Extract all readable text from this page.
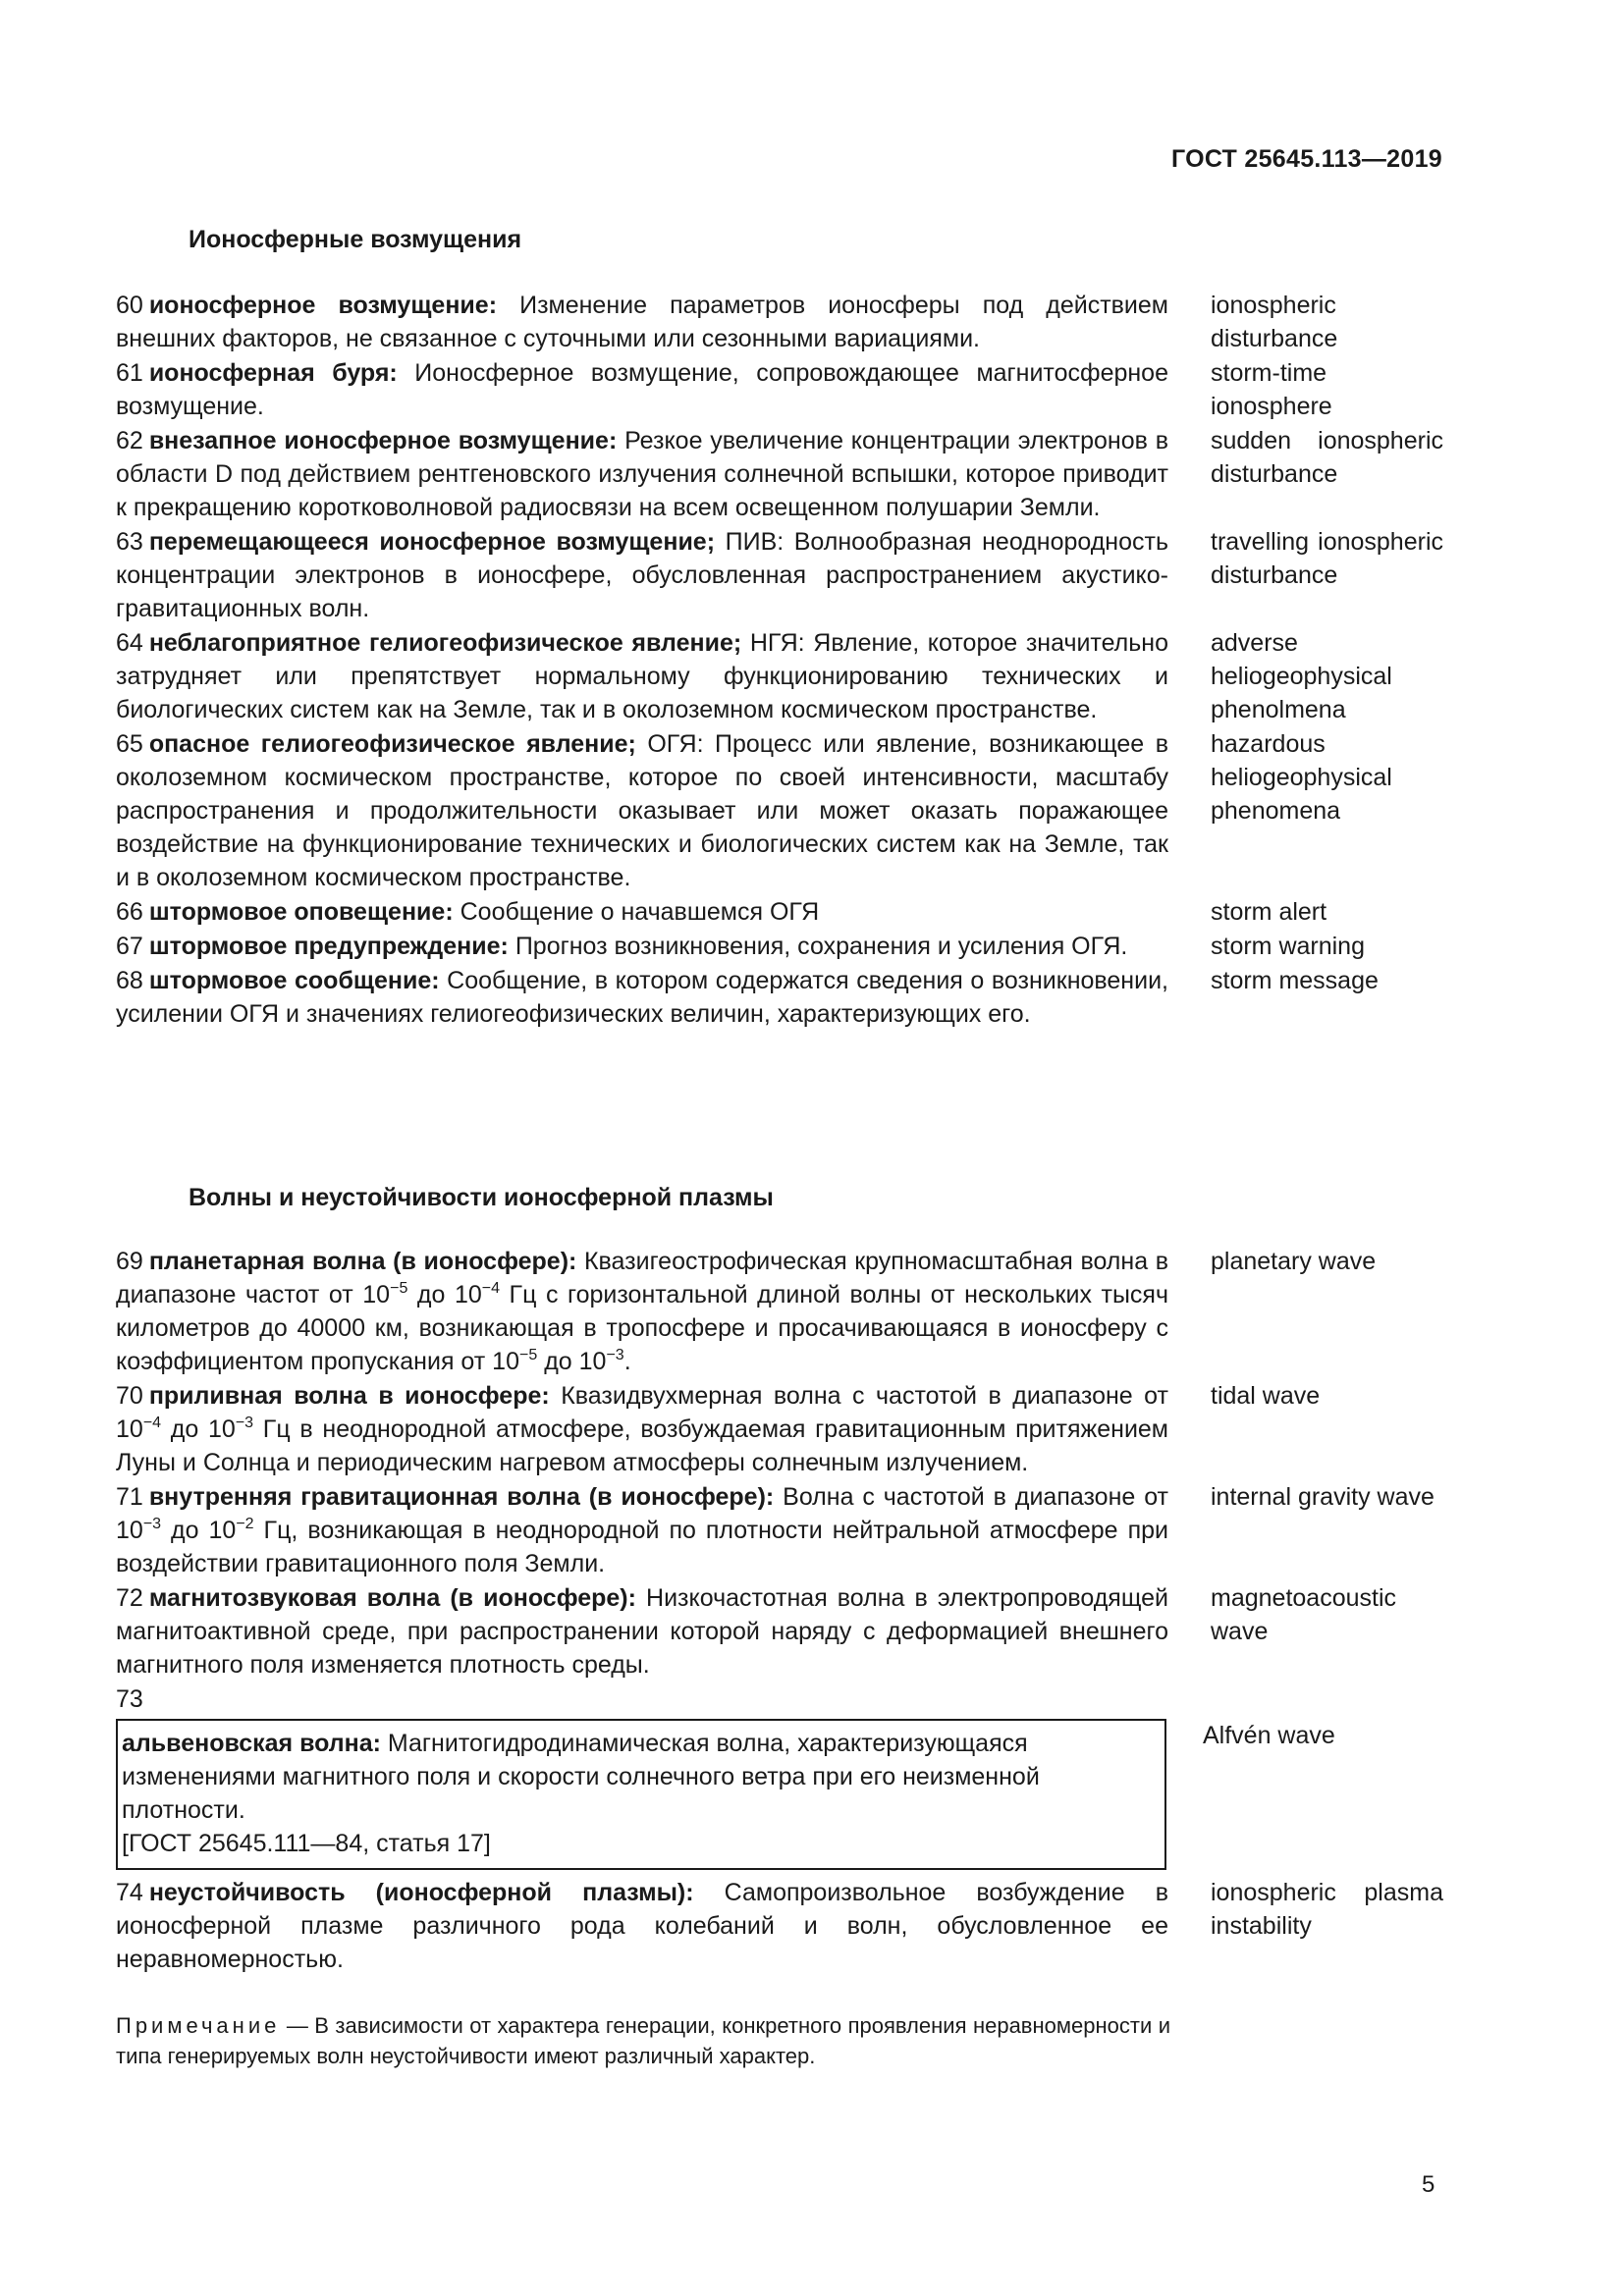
ГОСТ 25645.113—2019
Ионосферные возмущения
60 ионосферное возмущение: Изменение параметров ионосферы под действием внешних факторов, не связанное с суточными или сезонными вариациями.
ionospheric disturbance
61 ионосферная буря: Ионосферное возмущение, сопровождающее магнитосферное возмущение.
storm-time ionosphere
62 внезапное ионосферное возмущение: Резкое увеличение концентрации электронов в области D под действием рентгеновского излучения солнечной вспышки, которое приводит к прекращению коротковолновой радиосвязи на всем освещенном полушарии Земли.
sudden ionospheric disturbance
63 перемещающееся ионосферное возмущение; ПИВ: Волнообразная неоднородность концентрации электронов в ионосфере, обусловленная распространением акустико-гравитационных волн.
travelling ionospheric disturbance
64 неблагоприятное гелиогеофизическое явление; НГЯ: Явление, которое значительно затрудняет или препятствует нормальному функционированию технических и биологических систем как на Земле, так и в околоземном космическом пространстве.
adverse heliogeophysical phenolmena
65 опасное гелиогеофизическое явление; ОГЯ: Процесс или явление, возникающее в околоземном космическом пространстве, которое по своей интенсивности, масштабу распространения и продолжительности оказывает или может оказать поражающее воздействие на функционирование технических и биологических систем как на Земле, так и в околоземном космическом пространстве.
hazardous heliogeophysical phenomena
66 штормовое оповещение: Сообщение о начавшемся ОГЯ	storm alert
67 штормовое предупреждение: Прогноз возникновения, сохранения и усиления ОГЯ.	storm warning
68 штормовое сообщение: Сообщение, в котором содержатся сведения о возникновении, усилении ОГЯ и значениях гелиогеофизических величин, характеризующих его.
storm message
Волны и неустойчивости ионосферной плазмы
69 планетарная волна (в ионосфере): Квазигеострофическая крупномасштабная волна в диапазоне частот от $10^{-5}$ до $10^{-4}$ Гц с горизонтальной длиной волны от нескольких тысяч километров до 40000 км, возникающая в тропосфере и просачивающаяся в ионосферу с коэффициентом пропускания от $10^{-5}$ до $10^{-3}$.
planetary wave
70 приливная волна в ионосфере: Квазидвухмерная волна с частотой в диапазоне от $10^{-4}$ до $10^{-3}$ Гц в неоднородной атмосфере, возбуждаемая гравитационным притяжением Луны и Солнца и периодическим нагревом атмосферы солнечным излучением.
tidal wave
71 внутренняя гравитационная волна (в ионосфере): Волна с частотой в диапазоне от $10^{-3}$ до $10^{-2}$ Гц, возникающая в неоднородной по плотности нейтральной атмосфере при воздействии гравитационного поля Земли.
internal gravity wave
72 магнитозвуковая волна (в ионосфере): Низкочастотная волна в электропроводящей магнитоактивной среде, при распространении которой наряду с деформацией внешнего магнитного поля изменяется плотность среды.
magnetoacoustic wave
73
альвеновская волна: Магнитогидродинамическая волна, характеризующаяся изменениями магнитного поля и скорости солнечного ветра при его неизменной плотности.
[ГОСТ 25645.111—84, статья 17]
Alfvén wave
74 неустойчивость (ионосферной плазмы): Самопроизвольное возбуждение в ионосферной плазме различного рода колебаний и волн, обусловленное ее неравномерностью.
ionospheric plasma instability
Примечание — В зависимости от характера генерации, конкретного проявления неравномерности и типа генерируемых волн неустойчивости имеют различный характер.
5
